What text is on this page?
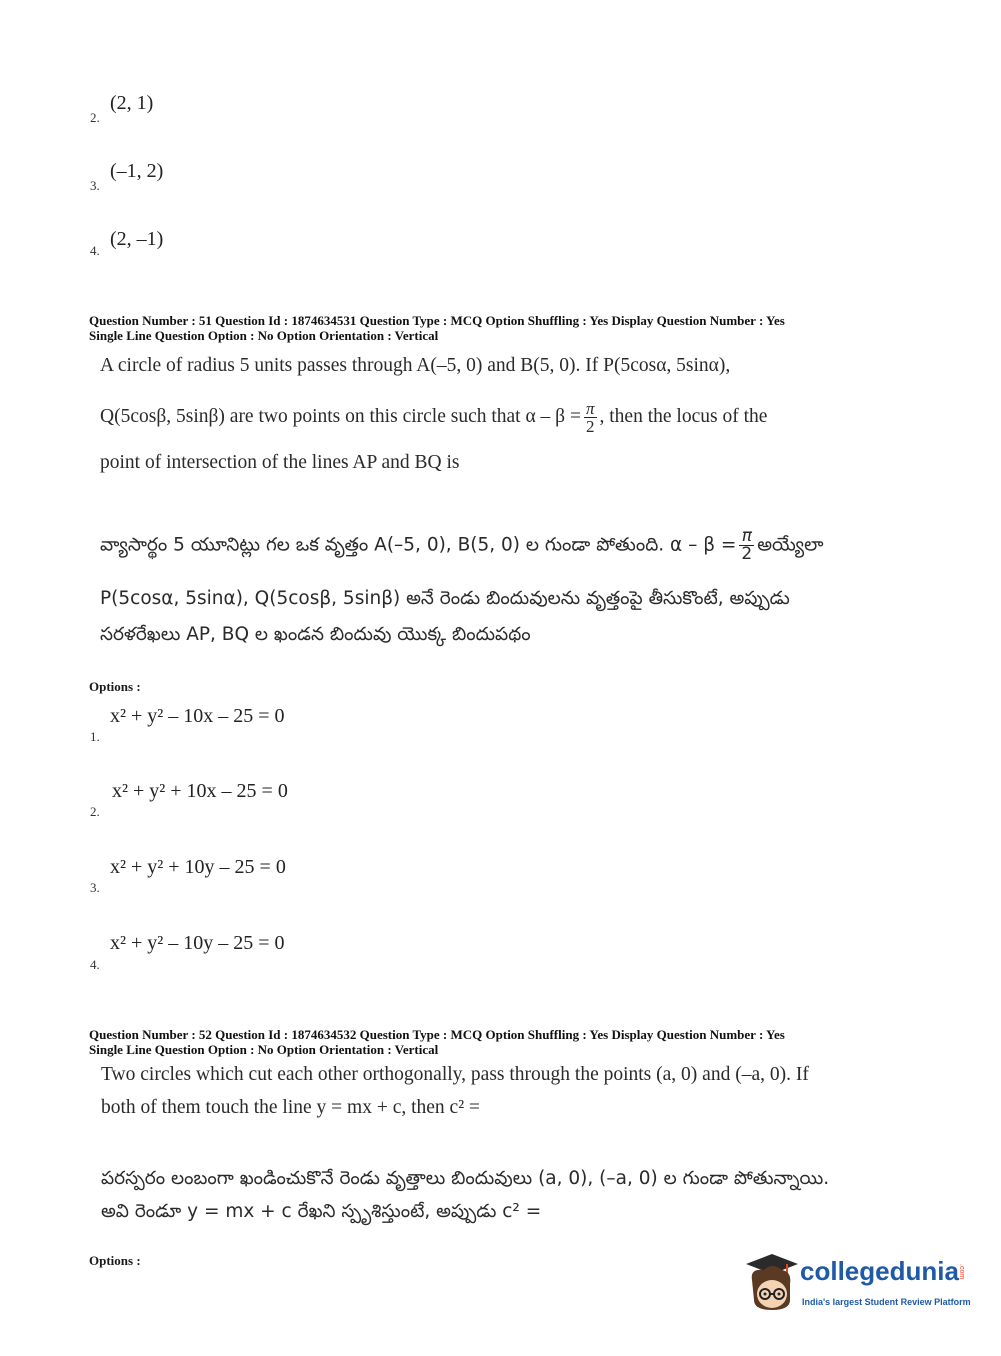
(2, 1)
2.
(–1, 2)
3.
(2, –1)
4.
Question Number : 51 Question Id : 1874634531 Question Type : MCQ Option Shuffling : Yes Display Question Number : Yes
Single Line Question Option : No Option Orientation : Vertical
A circle of radius 5 units passes through A(–5, 0) and B(5, 0). If P(5cosα, 5sinα),
Q(5cosβ, 5sinβ) are two points on this circle such that $\alpha - \beta = \frac{\pi}{2}$ , then the locus of the
point of intersection of the lines AP and BQ is
వ్యాసార్థం 5 యూనిట్లు గల ఒక వృత్తం A(–5, 0), B(5, 0) ల గుండా పోతుంది. $\alpha - \beta = \frac{\pi}{2}$ అయ్యేలా
P(5cosα, 5sinα), Q(5cosβ, 5sinβ) అనే రెండు బిందువులను వృత్తంపై తీసుకొంటే, అప్పుడు
సరళరేఖలు AP, BQ ల ఖండన బిందువు యొక్క బిందుపథం
Options :
x² + y² – 10x – 25 = 0
1.
x² + y² + 10x – 25 = 0
2.
x² + y² + 10y – 25 = 0
3.
x² + y² – 10y – 25 = 0
4.
Question Number : 52 Question Id : 1874634532 Question Type : MCQ Option Shuffling : Yes Display Question Number : Yes
Single Line Question Option : No Option Orientation : Vertical
Two circles which cut each other orthogonally, pass through the points (a, 0) and (–a, 0). If
both of them touch the line y = mx + c, then c² =
పరస్పరం లంబంగా ఖండించుకొనే రెండు వృత్తాలు బిందువులు (a, 0), (–a, 0) ల గుండా పోతున్నాయి.
అవి రెండూ y = mx + c రేఖని స్పృశిస్తుంటే, అప్పుడు c² =
Options :	collegedunia .com
India's largest Student Review Platform
